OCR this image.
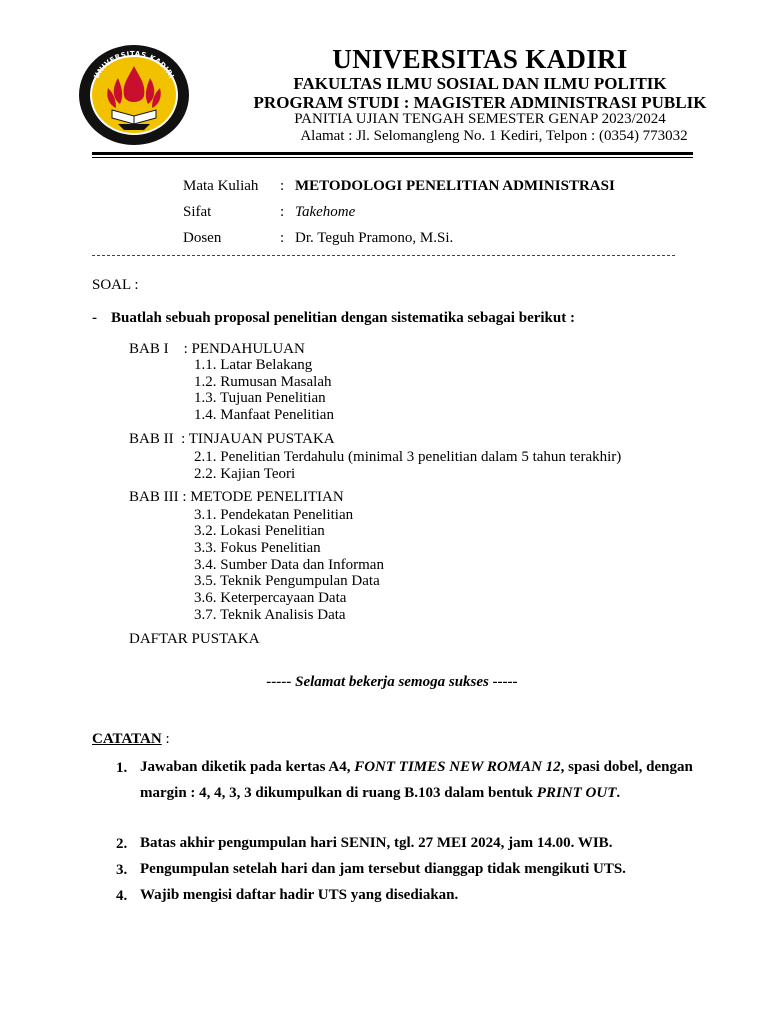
UNIVERSITAS KADIRI
UNIVERSITAS KADIRI
FAKULTAS ILMU SOSIAL DAN ILMU POLITIK
PROGRAM STUDI : MAGISTER ADMINISTRASI PUBLIK
PANITIA UJIAN TENGAH SEMESTER GENAP 2023/2024
Alamat : Jl. Selomangleng No. 1 Kediri, Telpon : (0354) 773032
Mata Kuliah : METODOLOGI PENELITIAN ADMINISTRASI
Sifat	: Takehome
Dosen	: Dr. Teguh Pramono, M.Si.
SOAL :
- Buatlah sebuah proposal penelitian dengan sistematika sebagai berikut :
BAB I    : PENDAHULUAN
1.1. Latar Belakang
1.2. Rumusan Masalah
1.3. Tujuan Penelitian
1.4. Manfaat Penelitian
BAB II  : TINJAUAN PUSTAKA
2.1. Penelitian Terdahulu (minimal 3 penelitian dalam 5 tahun terakhir)
2.2. Kajian Teori
BAB III : METODE PENELITIAN
3.1. Pendekatan Penelitian
3.2. Lokasi Penelitian
3.3. Fokus Penelitian
3.4. Sumber Data dan Informan
3.5. Teknik Pengumpulan Data
3.6. Keterpercayaan Data
3.7. Teknik Analisis Data
DAFTAR PUSTAKA
----- Selamat bekerja semoga sukses -----
CATATAN :
1. Jawaban diketik pada kertas A4, FONT TIMES NEW ROMAN 12, spasi dobel, dengan margin : 4, 4, 3, 3 dikumpulkan di ruang B.103 dalam bentuk PRINT OUT.
2. Batas akhir pengumpulan hari SENIN, tgl. 27 MEI 2024, jam 14.00. WIB.
3. Pengumpulan setelah hari dan jam tersebut dianggap tidak mengikuti UTS.
4. Wajib mengisi daftar hadir UTS yang disediakan.
